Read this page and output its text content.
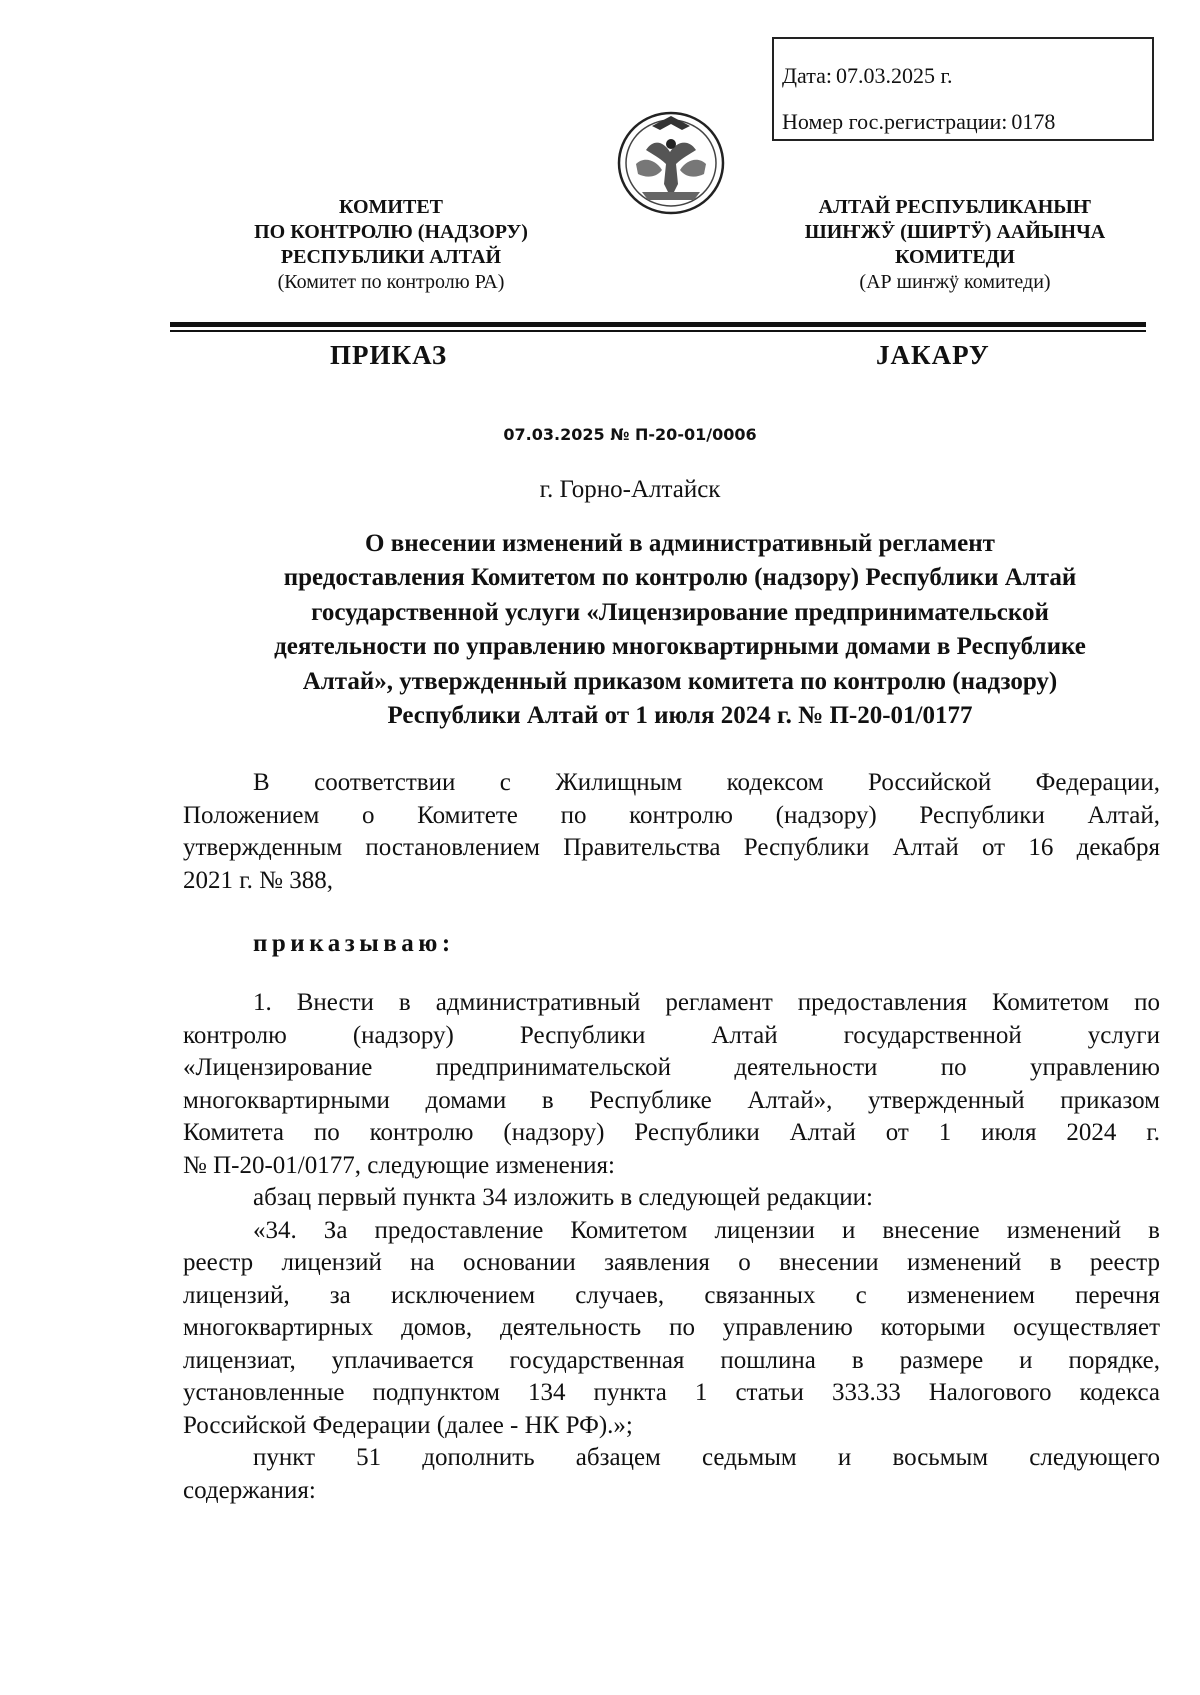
Дата: 07.03.2025 г.
Номер гос.регистрации: 0178
КОМИТЕТ
ПО КОНТРОЛЮ (НАДЗОРУ)
РЕСПУБЛИКИ АЛТАЙ
(Комитет по контролю РА)
АЛТАЙ РЕСПУБЛИКАНЫҤ
ШИҤЖӰ (ШИРТӰ) ААЙЫНЧА
КОМИТЕДИ
(АР шиҥжӱ комитеди)
ПРИКАЗ	ЈАКАРУ
07.03.2025 № П-20-01/0006
г. Горно-Алтайск
О внесении изменений в административный регламент
предоставления Комитетом по контролю (надзору) Республики Алтай
государственной услуги «Лицензирование предпринимательской
деятельности по управлению многоквартирными домами в Республике
Алтай», утвержденный приказом комитета по контролю (надзору)
Республики Алтай от 1 июля 2024 г. № П-20-01/0177
В соответствии с Жилищным кодексом Российской Федерации,
Положением о Комитете по контролю (надзору) Республики Алтай,
утвержденным постановлением Правительства Республики Алтай от 16 декабря
2021 г. № 388,
приказываю:
1. Внести в административный регламент предоставления Комитетом по
контролю (надзору) Республики Алтай государственной услуги
«Лицензирование предпринимательской деятельности по управлению
многоквартирными домами в Республике Алтай», утвержденный приказом
Комитета по контролю (надзору) Республики Алтай от 1 июля 2024 г.
№ П-20-01/0177, следующие изменения:
абзац первый пункта 34 изложить в следующей редакции:
«34. За предоставление Комитетом лицензии и внесение изменений в
реестр лицензий на основании заявления о внесении изменений в реестр
лицензий, за исключением случаев, связанных с изменением перечня
многоквартирных домов, деятельность по управлению которыми осуществляет
лицензиат, уплачивается государственная пошлина в размере и порядке,
установленные подпунктом 134 пункта 1 статьи 333.33 Налогового кодекса
Российской Федерации (далее - НК РФ).»;
пункт 51 дополнить абзацем седьмым и восьмым следующего
содержания:
